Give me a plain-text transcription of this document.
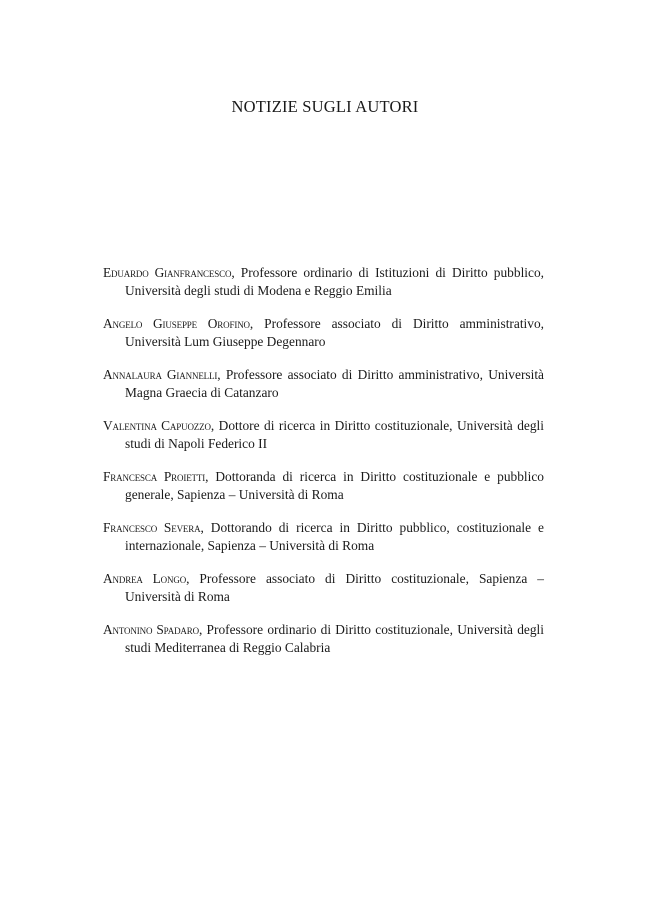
NOTIZIE SUGLI AUTORI

Eduardo Gianfrancesco, Professore ordinario di Istituzioni di Diritto pubblico, Università degli studi di Modena e Reggio Emilia

Angelo Giuseppe Orofino, Professore associato di Diritto amministrativo, Università Lum Giuseppe Degennaro

Annalaura Giannelli, Professore associato di Diritto amministrativo, Università Magna Graecia di Catanzaro

Valentina Capuozzo, Dottore di ricerca in Diritto costituzionale, Università degli studi di Napoli Federico II

Francesca Proietti, Dottoranda di ricerca in Diritto costituzionale e pubblico generale, Sapienza – Università di Roma

Francesco Severa, Dottorando di ricerca in Diritto pubblico, costituzionale e internazionale, Sapienza – Università di Roma

Andrea Longo, Professore associato di Diritto costituzionale, Sapienza – Università di Roma

Antonino Spadaro, Professore ordinario di Diritto costituzionale, Università degli studi Mediterranea di Reggio Calabria
